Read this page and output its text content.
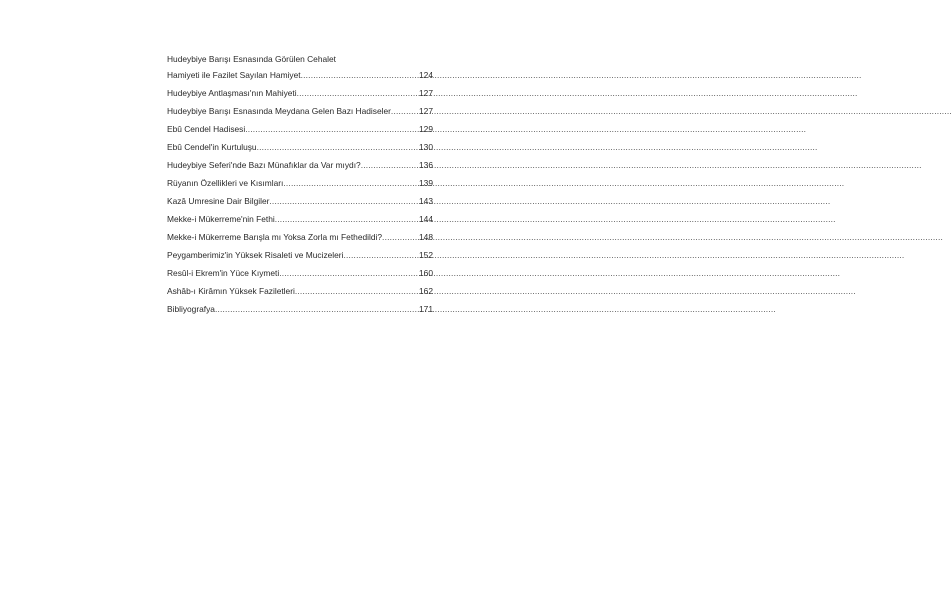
Hudeybiye Barışı Esnasında Görülen Cehalet
Hamiyeti ile Fazilet Sayılan Hamiyet .....	124
Hudeybiye Antlaşması'nın Mahiyeti .....	127
Hudeybiye Barışı Esnasında Meydana Gelen Bazı Hadiseler .....	127
Ebû Cendel Hadisesi .....	129
Ebû Cendel'in Kurtuluşu .....	130
Hudeybiye Seferi'nde Bazı Münafıklar da Var mıydı? .....	136
Rüyanın Özellikleri ve Kısımları .....	139
Kazâ Umresine Dair Bilgiler .....	143
Mekke-i Mükerreme'nin Fethi .....	144
Mekke-i Mükerreme Barışla mı Yoksa Zorla mı Fethedildi? .....	148
Peygamberimiz'in Yüksek Risaleti ve Mucizeleri .....	152
Resûl-i Ekrem'in Yüce Kıymeti .....	160
Ashâb-ı Kirâmın Yüksek Faziletleri .....	162
Bibliyografya .....	171
